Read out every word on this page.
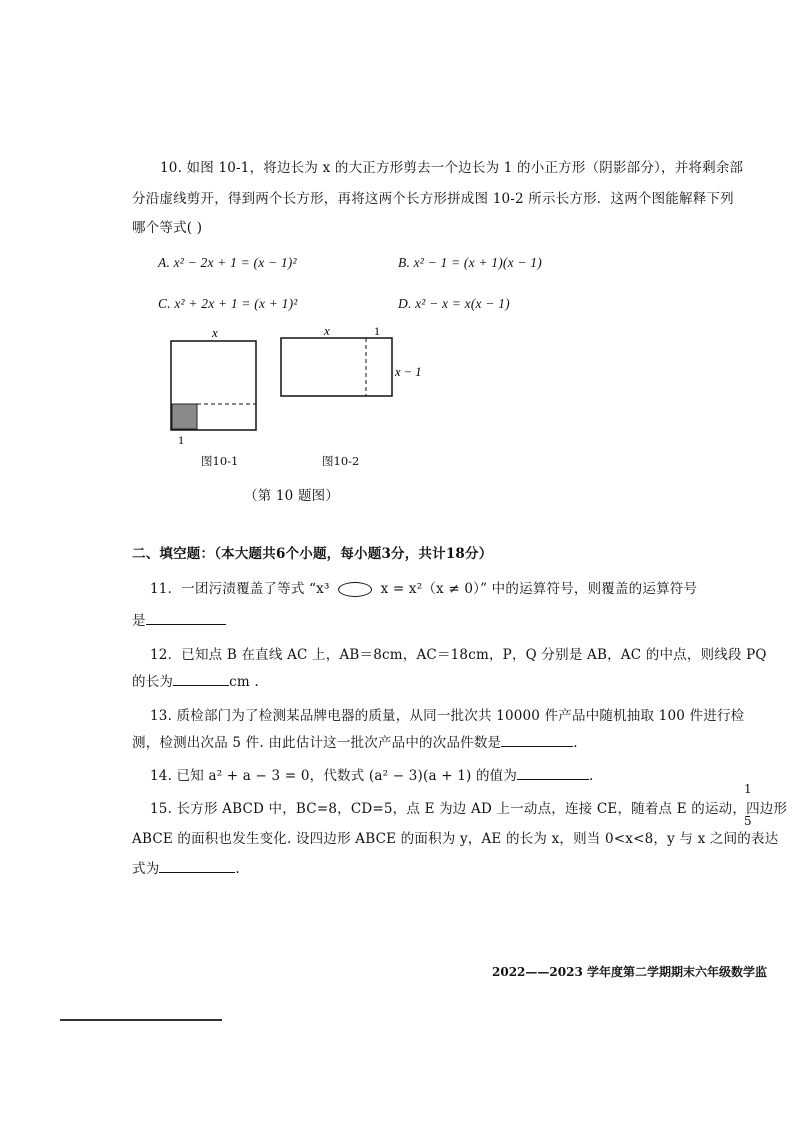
10. 如图 10-1，将边长为 x 的大正方形剪去一个边长为 1 的小正方形（阴影部分），并将剩余部
分沿虚线剪开，得到两个长方形，再将这两个长方形拼成图 10-2 所示长方形．这两个图能解释下列
哪个等式( )
A. x² − 2x + 1 = (x − 1)²	B. x² − 1 = (x + 1)(x − 1)
C. x² + 2x + 1 = (x + 1)²	D. x² − x = x(x − 1)
x
1
图10-1
x	1
x − 1
图10-2
（第 10 题图）
二、填空题：（本大题共6个小题，每小题3分，共计18分）
11．一团污渍覆盖了等式 “x³	x = x²（x ≠ 0）” 中的运算符号，则覆盖的运算符号
是
12．已知点 B 在直线 AC 上，AB＝8cm，AC＝18cm，P，Q 分别是 AB，AC 的中点，则线段 PQ
的长为	cm .
13. 质检部门为了检测某品牌电器的质量，从同一批次共 10000 件产品中随机抽取 100 件进行检
测，检测出次品 5 件. 由此估计这一批次产品中的次品件数是	.
14. 已知 a² + a − 3 = 0，代数式 (a² − 3)(a + 1) 的值为	.
15. 长方形 ABCD 中，BC=8，CD=5，点 E 为边 AD 上一动点，连接 CE，随着点 E 的运动，四边形
ABCE 的面积也发生变化. 设四边形 ABCE 的面积为 y，AE 的长为 x，则当 0<x<8，y 与 x 之间的表达
式为	.
1
5
2022——2023 学年度第二学期期末六年级数学监
